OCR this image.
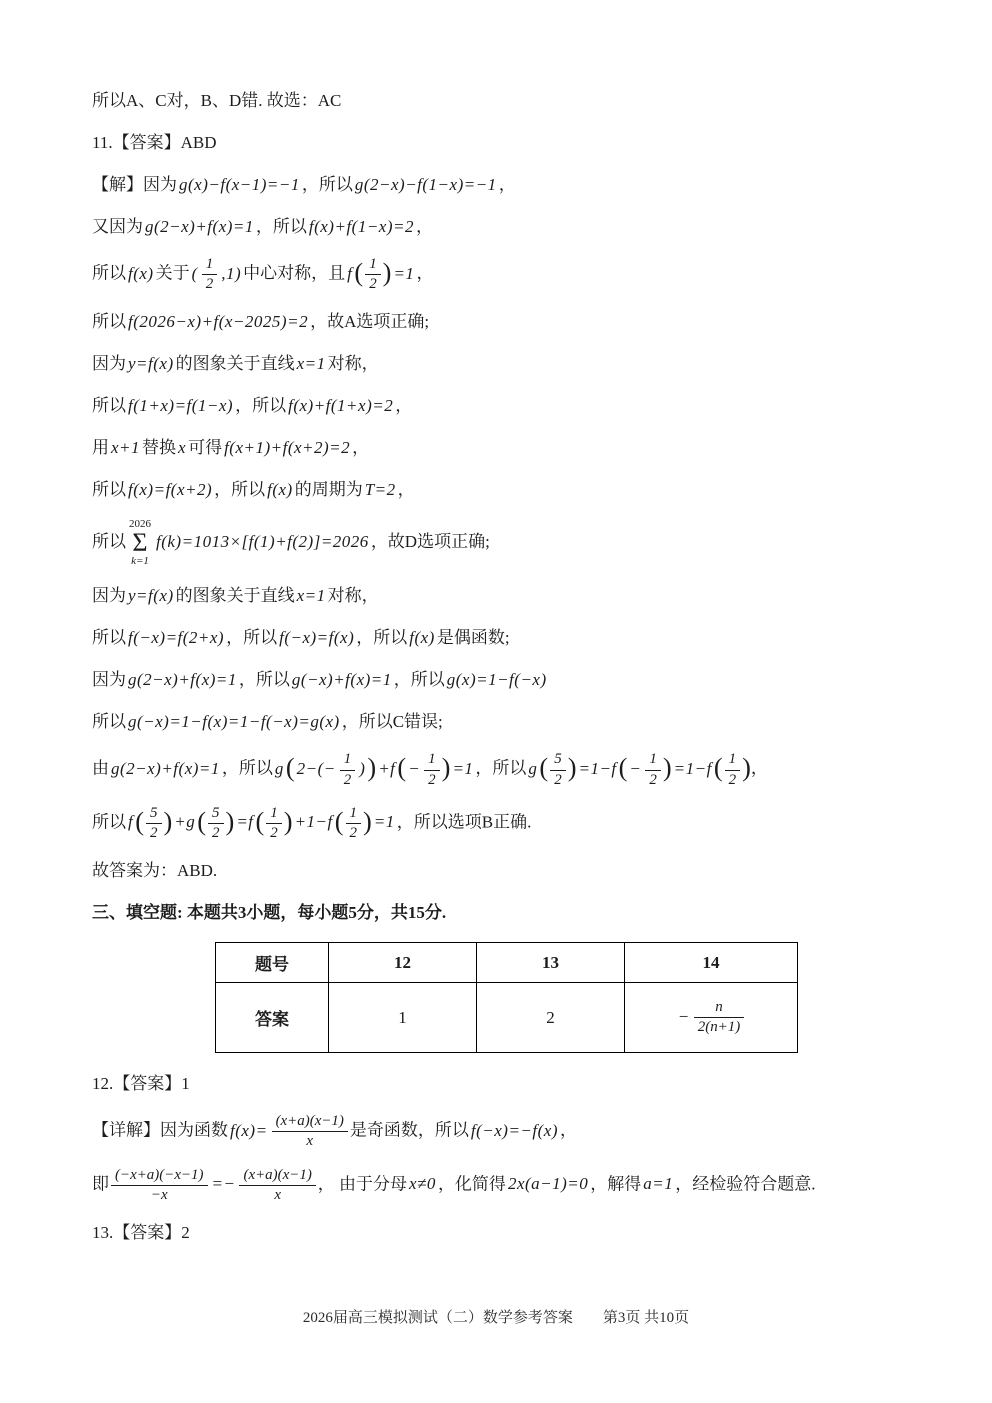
所以A、C对，B、D错. 故选：AC
11.【答案】ABD
【解】因为 g(x)−f(x−1)=−1 ，所以 g(2−x)−f(1−x)=−1 ，
又因为 g(2−x)+f(x)=1 ，所以 f(x)+f(1−x)=2 ，
所以 f(x) 关于 ( $\frac{1}{2} ,1$) 中心对称，且 $f( \frac{1}{2}$ ) =1 ，
所以 f(2026−x)+f(x−2025)=2 ，故A选项正确;
因为 y=f(x) 的图象关于直线 x=1 对称，
所以 f(1+x)=f(1−x) ，所以 f(x)+f(1+x)=2 ，
用 x+1 替换 x 可得 f(x+1)+f(x+2)=2 ，
所以 f(x)=f(x+2) ，所以 f(x) 的周期为 T=2 ，
所以
2026
Σ
k=1
f(k)=1013×[f(1)+f(2)]=2026 ，故D选项正确;
因为 y=f(x) 的图象关于直线 x=1 对称，
所以 f(−x)=f(2+x) ，所以 f(−x)=f(x) ，所以 f(x) 是偶函数;
因为 g(2−x)+f(x)=1 ，所以 g(−x)+f(x)=1 ，所以 g(x)=1−f(−x)
所以 g(−x)=1−f(x)=1−f(−x)=g(x) ，所以C错误;
由 g(2−x)+f(x)=1 ，所以 g( $2-(- \frac{1}{2}$ )) $+f( - \frac{1}{2}$ ) =1 ，所以 $g( \frac{5}{2}$ ) $=1-f( - \frac{1}{2}$ ) $=1-f( \frac{1}{2}$ )，
所以 $f( \frac{5}{2}$ ) $+g( \frac{5}{2}$ ) $=f( \frac{1}{2}$ ) $+1-f( \frac{1}{2}$ ) =1 ，所以选项B正确.
故答案为：ABD.
三、填空题: 本题共3小题，每小题5分，共15分.
题号	12	13	14
答案	1	2	− $\frac{n}{2(n+1)}$
12.【答案】1
【详解】因为函数 $f(x)= \frac{(x+a)(x-1)}{x}$ 是奇函数，所以 f(−x)=−f(x) ，
即 $\frac{(-x+a)(-x-1)}{-x} =- \frac{(x+a)(x-1)}{x}$ ， 由于分母 x≠0 ，化简得 2x(a−1)=0 ，解得 a=1 ，经检验符合题意.
13.【答案】2
2026届高三模拟测试（二）数学参考答案　　第3页 共10页
